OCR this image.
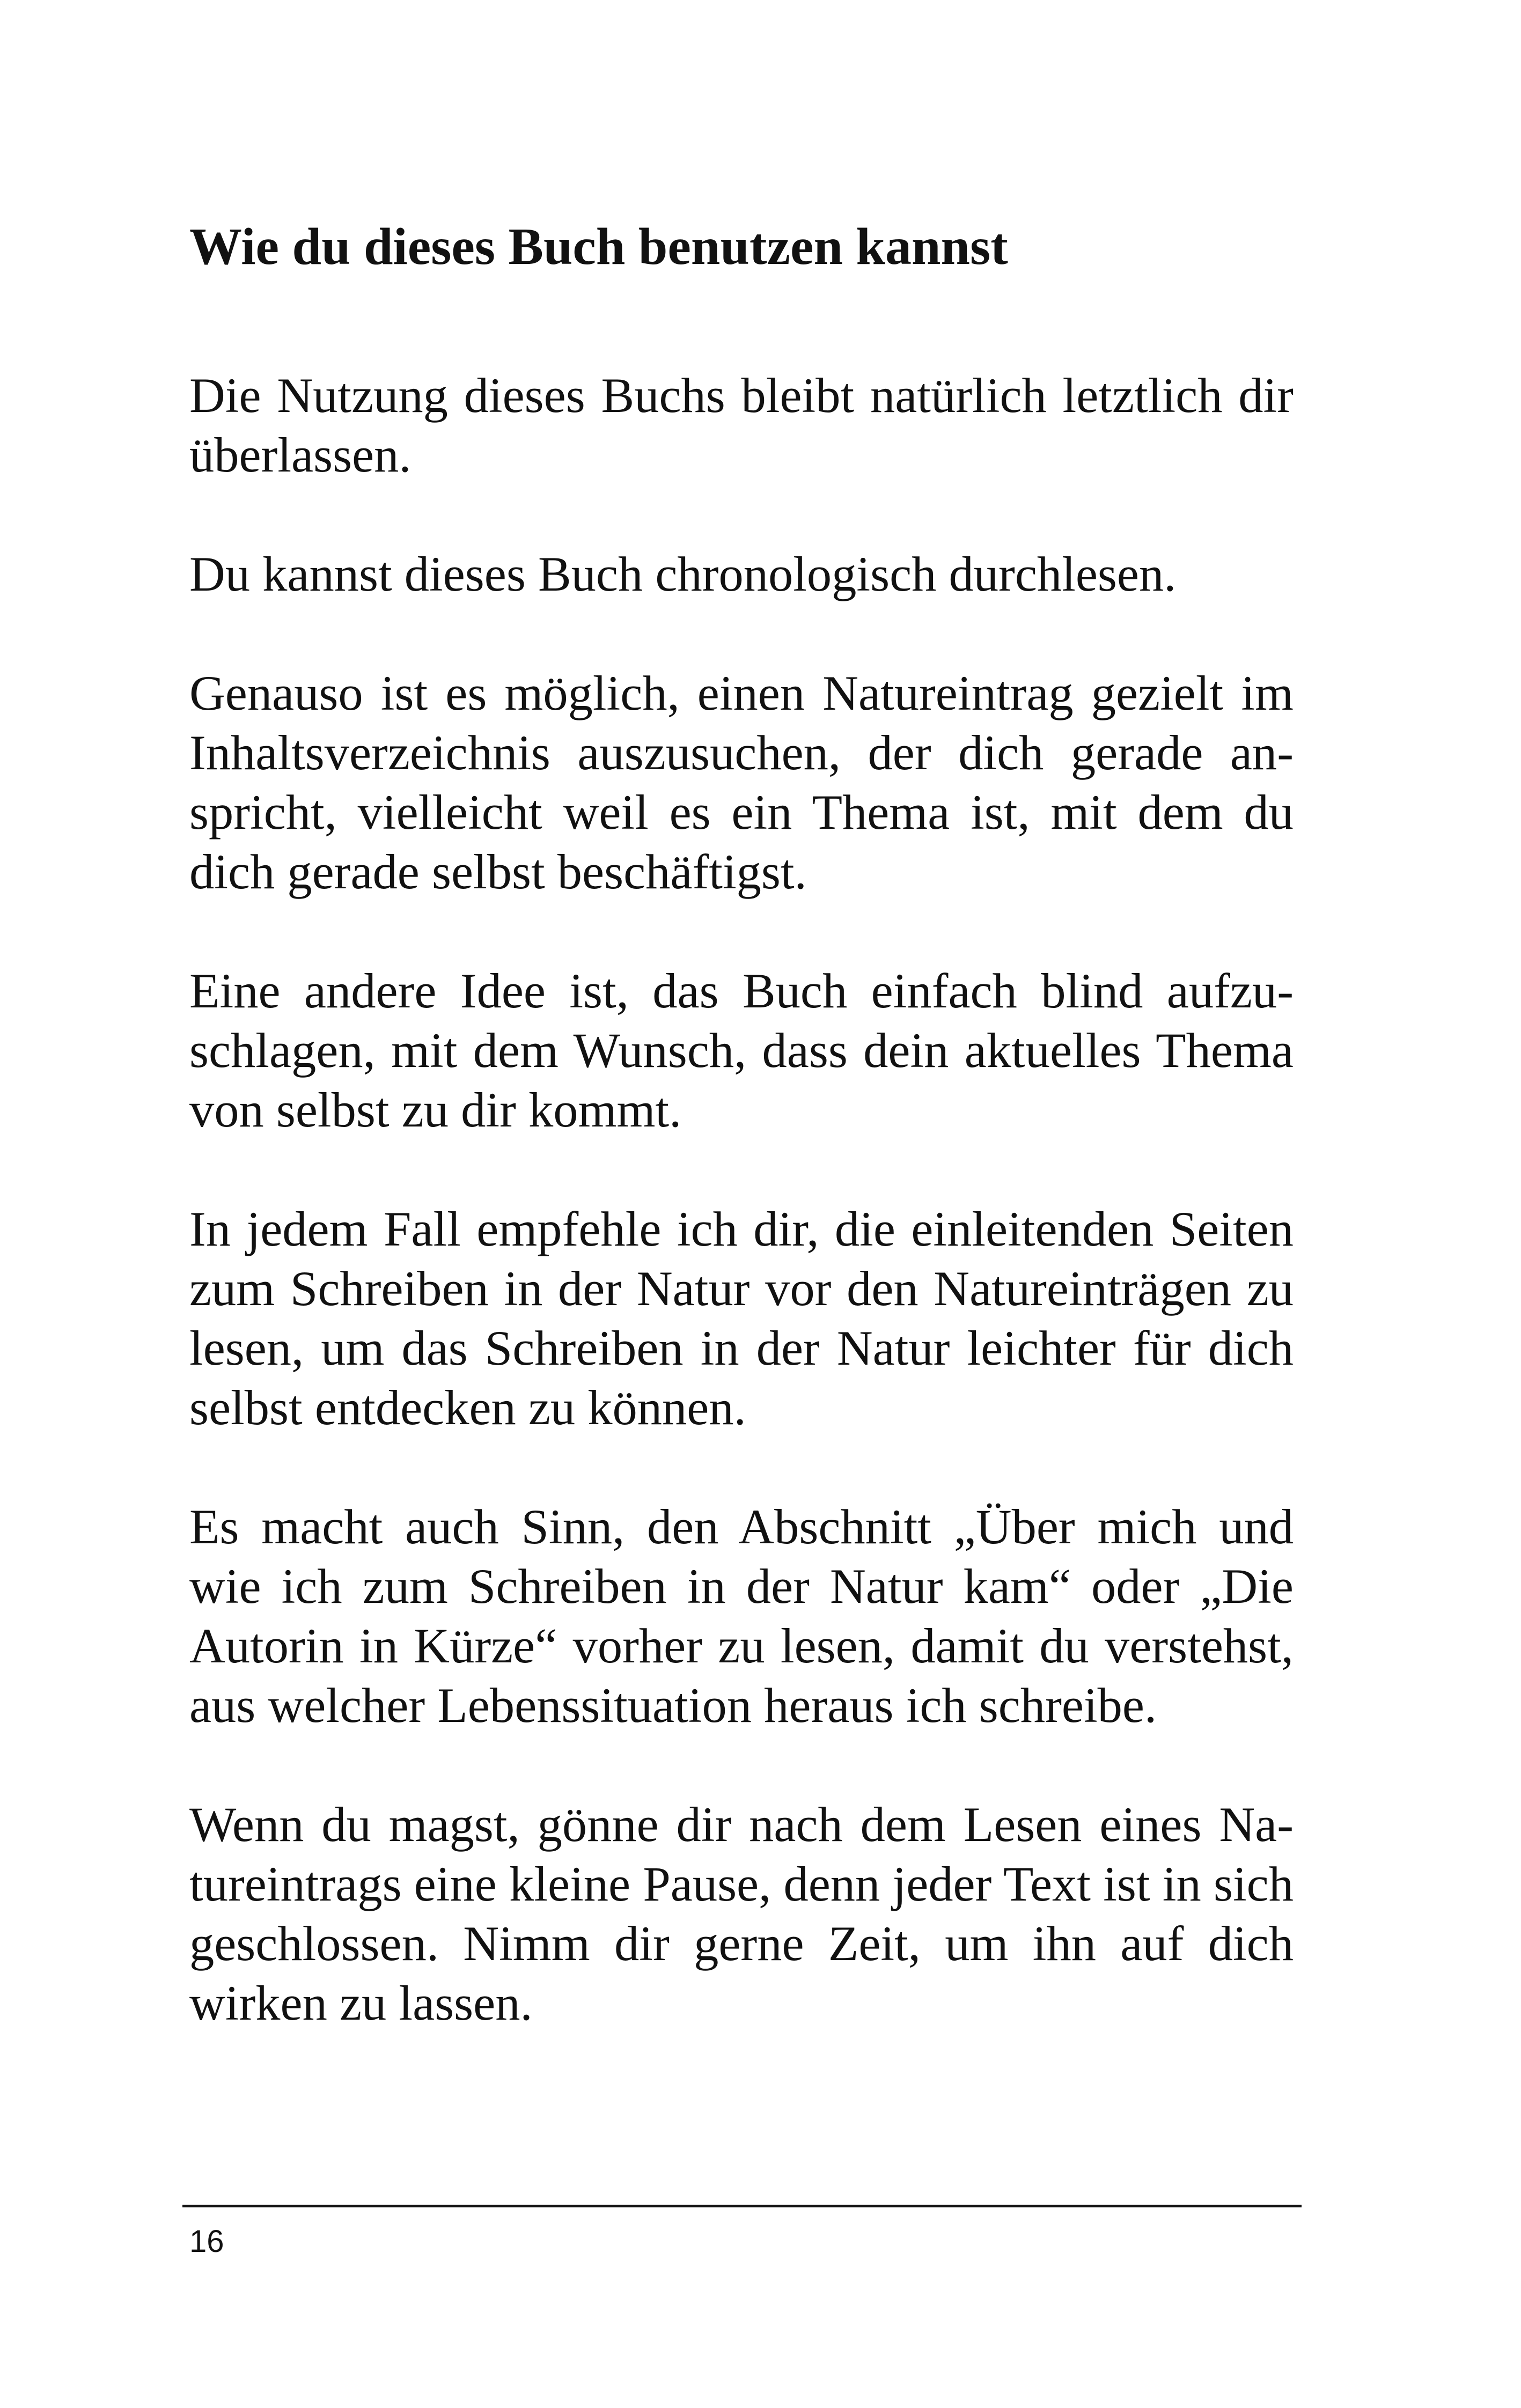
Wie du dieses Buch benutzen kannst

Die Nutzung dieses Buchs bleibt natürlich letztlich dir überlassen.

Du kannst dieses Buch chronologisch durchlesen.

Genauso ist es möglich, einen Natureintrag gezielt im Inhaltsverzeichnis auszusuchen, der dich gerade anspricht, vielleicht weil es ein Thema ist, mit dem du dich gerade selbst beschäftigst.

Eine andere Idee ist, das Buch einfach blind aufzuschlagen, mit dem Wunsch, dass dein aktuelles Thema von selbst zu dir kommt.

In jedem Fall empfehle ich dir, die einleitenden Seiten zum Schreiben in der Natur vor den Natureinträgen zu lesen, um das Schreiben in der Natur leichter für dich selbst entdecken zu können.

Es macht auch Sinn, den Abschnitt „Über mich und wie ich zum Schreiben in der Natur kam“ oder „Die Autorin in Kürze“ vorher zu lesen, damit du verstehst, aus welcher Lebenssituation heraus ich schreibe.

Wenn du magst, gönne dir nach dem Lesen eines Natureintrags eine kleine Pause, denn jeder Text ist in sich geschlossen. Nimm dir gerne Zeit, um ihn auf dich wirken zu lassen.

16
